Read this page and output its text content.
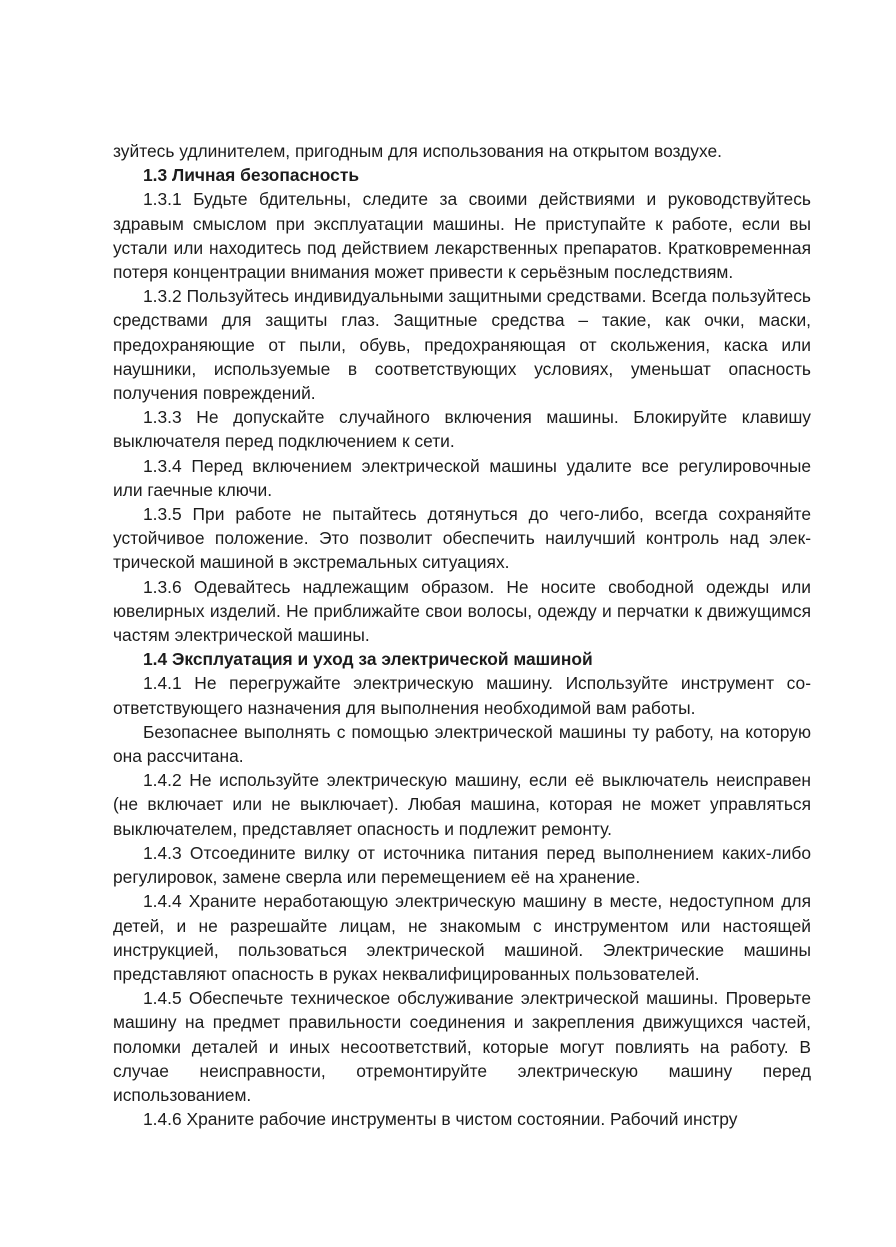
зуйтесь удлинителем, пригодным для использования на открытом воздухе.

1.3 Личная безопасность

1.3.1 Будьте бдительны, следите за своими действиями и руководствуйтесь здравым смыслом при эксплуатации машины. Не приступайте к работе, если вы устали или находитесь под действием лекарственных препаратов. Кратковременная потеря концентрации внимания может привести к серьёзным последствиям.

1.3.2 Пользуйтесь индивидуальными защитными средствами. Всегда пользуйтесь средствами для защиты глаз. Защитные средства – такие, как очки, маски, предохраняющие от пыли, обувь, предохраняющая от скольжения, каска или наушники, используемые в соответствующих условиях, уменьшат опасность получения повреждений.

1.3.3 Не допускайте случайного включения машины. Блокируйте клавишу выключателя перед подключением к сети.

1.3.4 Перед включением электрической машины удалите все регулировочные или гаечные ключи.

1.3.5 При работе не пытайтесь дотянуться до чего-либо, всегда сохраняйте устойчивое положение. Это позволит обеспечить наилучший контроль над электрической машиной в экстремальных ситуациях.

1.3.6 Одевайтесь надлежащим образом. Не носите свободной одежды или ювелирных изделий. Не приближайте свои волосы, одежду и перчатки к движущимся частям электрической машины.

1.4 Эксплуатация и уход за электрической машиной

1.4.1 Не перегружайте электрическую машину. Используйте инструмент соответствующего назначения для выполнения необходимой вам работы.

Безопаснее выполнять с помощью электрической машины ту работу, на которую она рассчитана.

1.4.2 Не используйте электрическую машину, если её выключатель неисправен (не включает или не выключает). Любая машина, которая не может управляться выключателем, представляет опасность и подлежит ремонту.

1.4.3 Отсоедините вилку от источника питания перед выполнением каких-либо регулировок, замене сверла или перемещением её на хранение.

1.4.4 Храните неработающую электрическую машину в месте, недоступном для детей, и не разрешайте лицам, не знакомым с инструментом или настоящей инструкцией, пользоваться электрической машиной. Электрические машины представляют опасность в руках неквалифицированных пользователей.

1.4.5 Обеспечьте техническое обслуживание электрической машины. Проверьте машину на предмет правильности соединения и закрепления движущихся частей, поломки деталей и иных несоответствий, которые могут повлиять на работу. В случае неисправности, отремонтируйте электрическую машину перед использованием.

1.4.6 Храните рабочие инструменты в чистом состоянии. Рабочий инстру
